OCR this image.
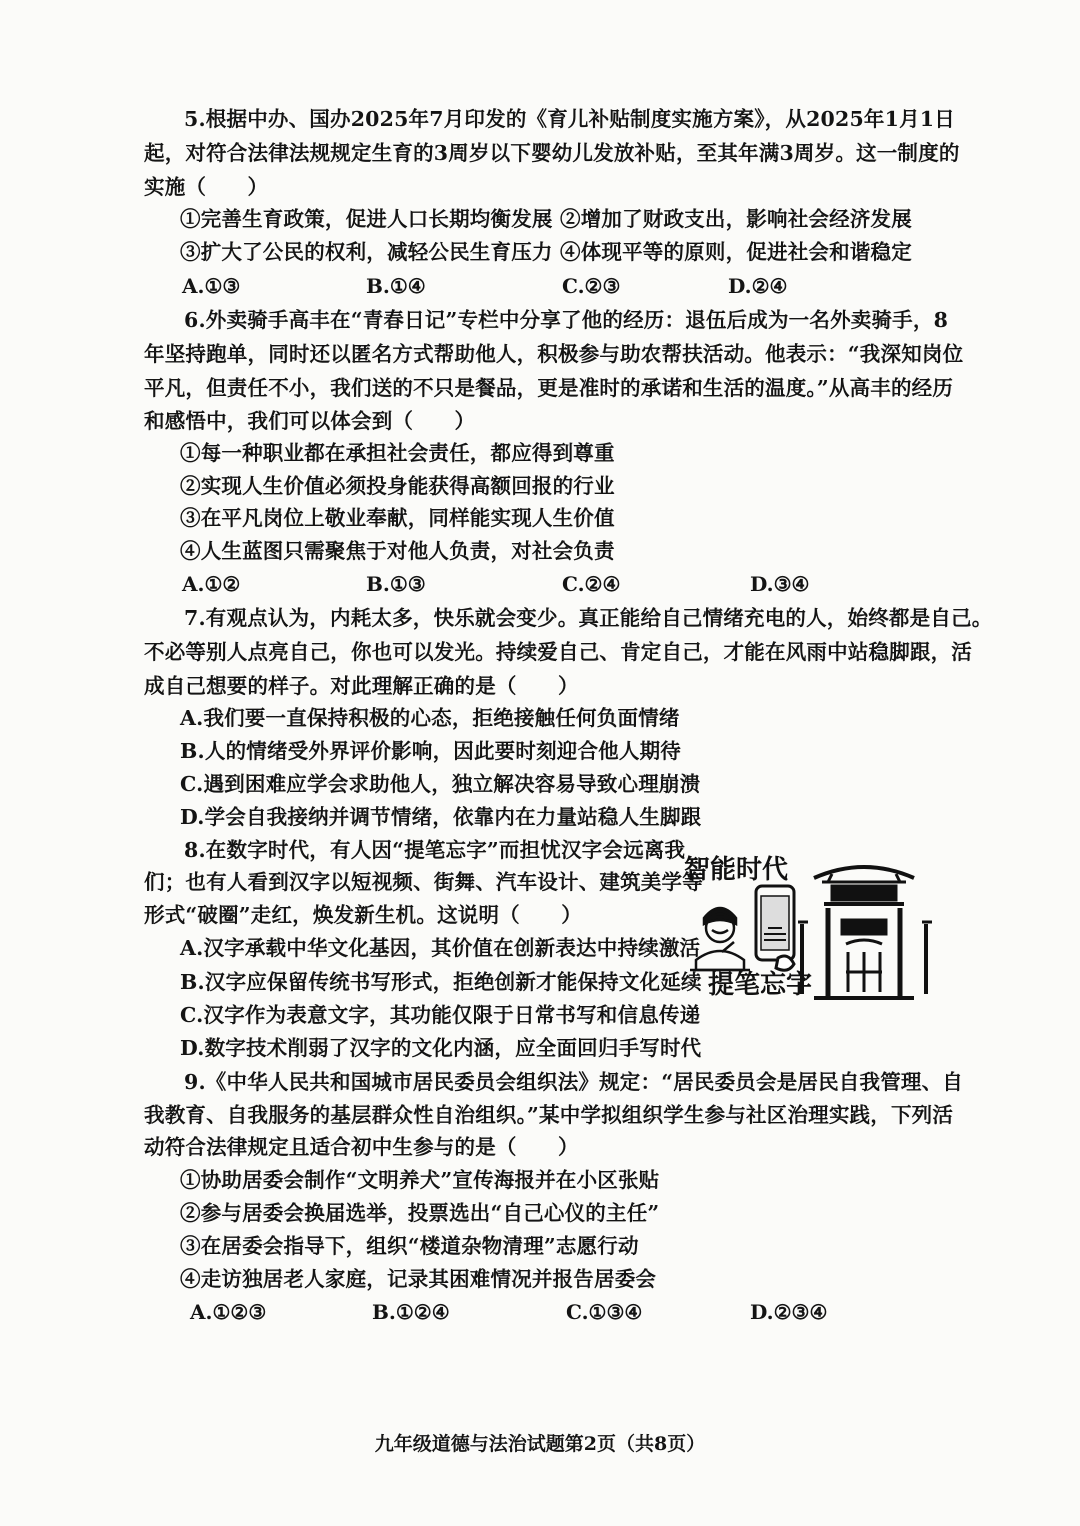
5.根据中办、国办2025年7月印发的《育儿补贴制度实施方案》，从2025年1月1日
起，对符合法律法规规定生育的3周岁以下婴幼儿发放补贴，至其年满3周岁。这一制度的
实施（　　）
①完善生育政策，促进人口长期均衡发展 ②增加了财政支出，影响社会经济发展
③扩大了公民的权利，减轻公民生育压力 ④体现平等的原则，促进社会和谐稳定
A.①③	B.①④	C.②③	D.②④
6.外卖骑手高丰在“青春日记”专栏中分享了他的经历：退伍后成为一名外卖骑手，8
年坚持跑单，同时还以匿名方式帮助他人，积极参与助农帮扶活动。他表示：“我深知岗位
平凡，但责任不小，我们送的不只是餐品，更是准时的承诺和生活的温度。”从高丰的经历
和感悟中，我们可以体会到（　　）
①每一种职业都在承担社会责任，都应得到尊重
②实现人生价值必须投身能获得高额回报的行业
③在平凡岗位上敬业奉献，同样能实现人生价值
④人生蓝图只需聚焦于对他人负责，对社会负责
A.①②	B.①③	C.②④	D.③④
7.有观点认为，内耗太多，快乐就会变少。真正能给自己情绪充电的人，始终都是自己。
不必等别人点亮自己，你也可以发光。持续爱自己、肯定自己，才能在风雨中站稳脚跟，活
成自己想要的样子。对此理解正确的是（　　）
A.我们要一直保持积极的心态，拒绝接触任何负面情绪
B.人的情绪受外界评价影响，因此要时刻迎合他人期待
C.遇到困难应学会求助他人，独立解决容易导致心理崩溃
D.学会自我接纳并调节情绪，依靠内在力量站稳人生脚跟
8.在数字时代，有人因“提笔忘字”而担忧汉字会远离我
们；也有人看到汉字以短视频、街舞、汽车设计、建筑美学等
形式“破圈”走红，焕发新生机。这说明（　　）
A.汉字承载中华文化基因，其价值在创新表达中持续激活
B.汉字应保留传统书写形式，拒绝创新才能保持文化延续
C.汉字作为表意文字，其功能仅限于日常书写和信息传递
D.数字技术削弱了汉字的文化内涵，应全面回归手写时代
智能时代
提笔忘字
9.《中华人民共和国城市居民委员会组织法》规定：“居民委员会是居民自我管理、自
我教育、自我服务的基层群众性自治组织。”某中学拟组织学生参与社区治理实践，下列活
动符合法律规定且适合初中生参与的是（　　）
①协助居委会制作“文明养犬”宣传海报并在小区张贴
②参与居委会换届选举，投票选出“自己心仪的主任”
③在居委会指导下，组织“楼道杂物清理”志愿行动
④走访独居老人家庭，记录其困难情况并报告居委会
A.①②③	B.①②④	C.①③④	D.②③④
九年级道德与法治试题第2页（共8页）
